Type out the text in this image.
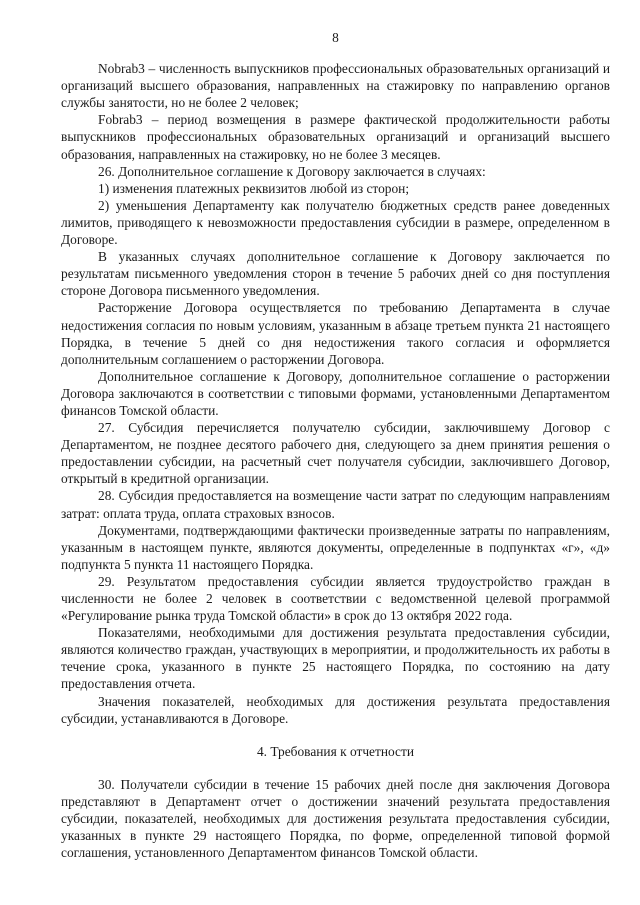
8

Nobrab3 – численность выпускников профессиональных образовательных организаций и организаций высшего образования, направленных на стажировку по направлению органов службы занятости, но не более 2 человек;

Fobrab3 – период возмещения в размере фактической продолжительности работы выпускников профессиональных образовательных организаций и организаций высшего образования, направленных на стажировку, но не более 3 месяцев.

26. Дополнительное соглашение к Договору заключается в случаях:

1) изменения платежных реквизитов любой из сторон;

2) уменьшения Департаменту как получателю бюджетных средств ранее доведенных лимитов, приводящего к невозможности предоставления субсидии в размере, определенном в Договоре.

В указанных случаях дополнительное соглашение к Договору заключается по результатам письменного уведомления сторон в течение 5 рабочих дней со дня поступления стороне Договора письменного уведомления.

Расторжение Договора осуществляется по требованию Департамента в случае недостижения согласия по новым условиям, указанным в абзаце третьем пункта 21 настоящего Порядка, в течение 5 дней со дня недостижения такого согласия и оформляется дополнительным соглашением о расторжении Договора.

Дополнительное соглашение к Договору, дополнительное соглашение о расторжении Договора заключаются в соответствии с типовыми формами, установленными Департаментом финансов Томской области.

27. Субсидия перечисляется получателю субсидии, заключившему Договор с Департаментом, не позднее десятого рабочего дня, следующего за днем принятия решения о предоставлении субсидии, на расчетный счет получателя субсидии, заключившего Договор, открытый в кредитной организации.

28. Субсидия предоставляется на возмещение части затрат по следующим направлениям затрат: оплата труда, оплата страховых взносов.

Документами, подтверждающими фактически произведенные затраты по направлениям, указанным в настоящем пункте, являются документы, определенные в подпунктах «г», «д» подпункта 5 пункта 11 настоящего Порядка.

29. Результатом предоставления субсидии является трудоустройство граждан в численности не более 2 человек в соответствии с ведомственной целевой программой «Регулирование рынка труда Томской области» в срок до 13 октября 2022 года.

Показателями, необходимыми для достижения результата предоставления субсидии, являются количество граждан, участвующих в мероприятии, и продолжительность их работы в течение срока, указанного в пункте 25 настоящего Порядка, по состоянию на дату предоставления отчета.

Значения показателей, необходимых для достижения результата предоставления субсидии, устанавливаются в Договоре.

4. Требования к отчетности

30. Получатели субсидии в течение 15 рабочих дней после дня заключения Договора представляют в Департамент отчет о достижении значений результата предоставления субсидии, показателей, необходимых для достижения результата предоставления субсидии, указанных в пункте 29 настоящего Порядка, по форме, определенной типовой формой соглашения, установленного Департаментом финансов Томской области.
